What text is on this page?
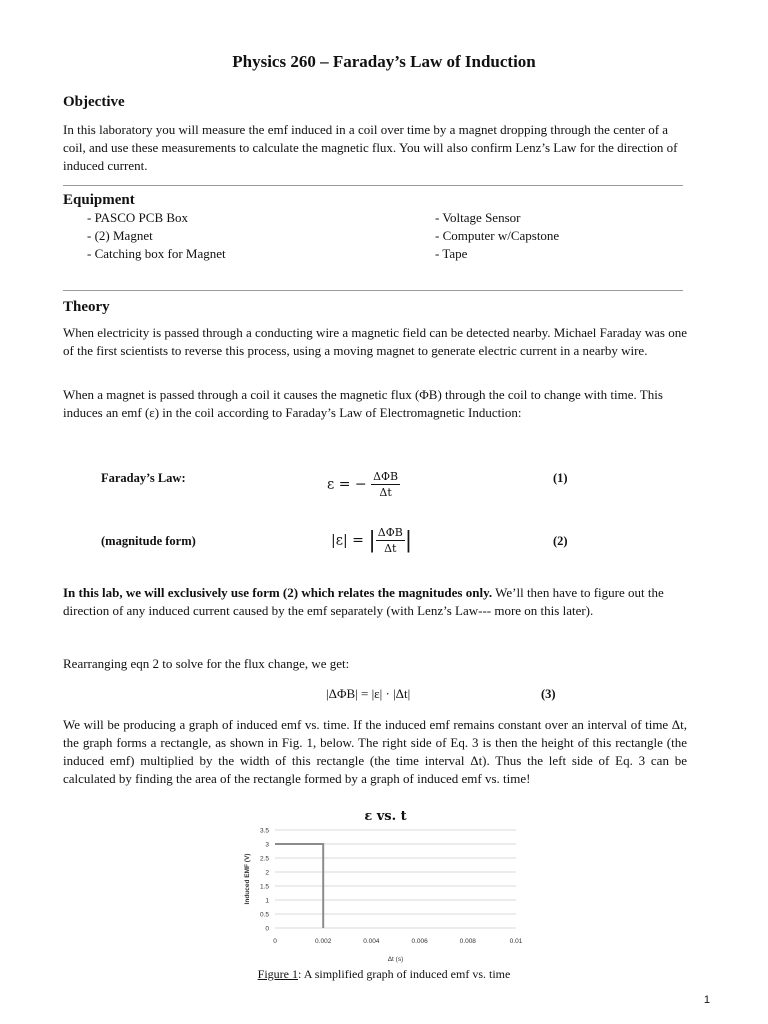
Physics 260 – Faraday’s Law of Induction
Objective
In this laboratory you will measure the emf induced in a coil over time by a magnet dropping through the center of a coil, and use these measurements to calculate the magnetic flux. You will also confirm Lenz’s Law for the direction of induced current.
Equipment
- PASCO PCB Box
- (2) Magnet
- Catching box for Magnet
- Voltage Sensor
- Computer w/Capstone
- Tape
Theory
When electricity is passed through a conducting wire a magnetic field can be detected nearby. Michael Faraday was one of the first scientists to reverse this process, using a moving magnet to generate electric current in a nearby wire.
When a magnet is passed through a coil it causes the magnetic flux (ΦB) through the coil to change with time. This induces an emf (ε) in the coil according to Faraday’s Law of Electromagnetic Induction:
Faraday’s Law:	ε = − $\frac{\text{ΔΦB}}{\Delta t}$	(1)
(magnitude form)	|ε| = | $\frac{\text{ΔΦB}}{\Delta t}$ |	(2)
In this lab, we will exclusively use form (2) which relates the magnitudes only. We’ll then have to figure out the direction of any induced current caused by the emf separately (with Lenz’s Law--- more on this later).
Rearranging eqn 2 to solve for the flux change, we get:
|ΔΦB| = |ε| · |Δt|	(3)
We will be producing a graph of induced emf vs. time. If the induced emf remains constant over an interval of time Δt, the graph forms a rectangle, as shown in Fig. 1, below. The right side of Eq. 3 is then the height of this rectangle (the induced emf) multiplied by the width of this rectangle (the time interval Δt). Thus the left side of Eq. 3 can be calculated by finding the area of the rectangle formed by a graph of induced emf vs. time!
ε vs. t
0
0.5
1
1.5
2
2.5
3
3.5
0	0.002	0.004	0.006	0.008	0.01
Δt (s)
Induced EMF (V)
Figure 1: A simplified graph of induced emf vs. time
1
